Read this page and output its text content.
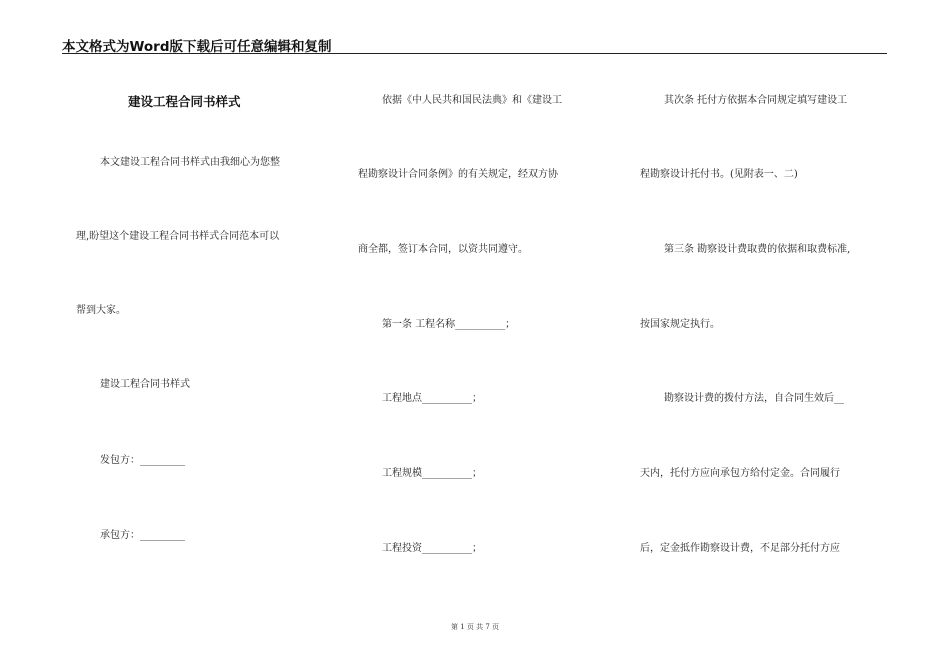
本文格式为Word版下载后可任意编辑和复制
建设工程合同书样式
本文建设工程合同书样式由我细心为您整
理,盼望这个建设工程合同书样式合同范本可以
帮到大家。
建设工程合同书样式
发包方：_________
承包方：_________
依据《中人民共和国民法典》和《建设工
程勘察设计合同条例》的有关规定，经双方协
商全都，签订本合同，以资共同遵守。
第一条 工程名称__________；
工程地点__________；
工程规模__________；
工程投资__________；
其次条 托付方依据本合同规定填写建设工
程勘察设计托付书。(见附表一、二)
第三条 勘察设计费取费的依据和取费标准,
按国家规定执行。
勘察设计费的拨付方法，自合同生效后__
天内，托付方应向承包方给付定金。合同履行
后，定金抵作勘察设计费，不足部分托付方应
第 1 页 共 7 页
